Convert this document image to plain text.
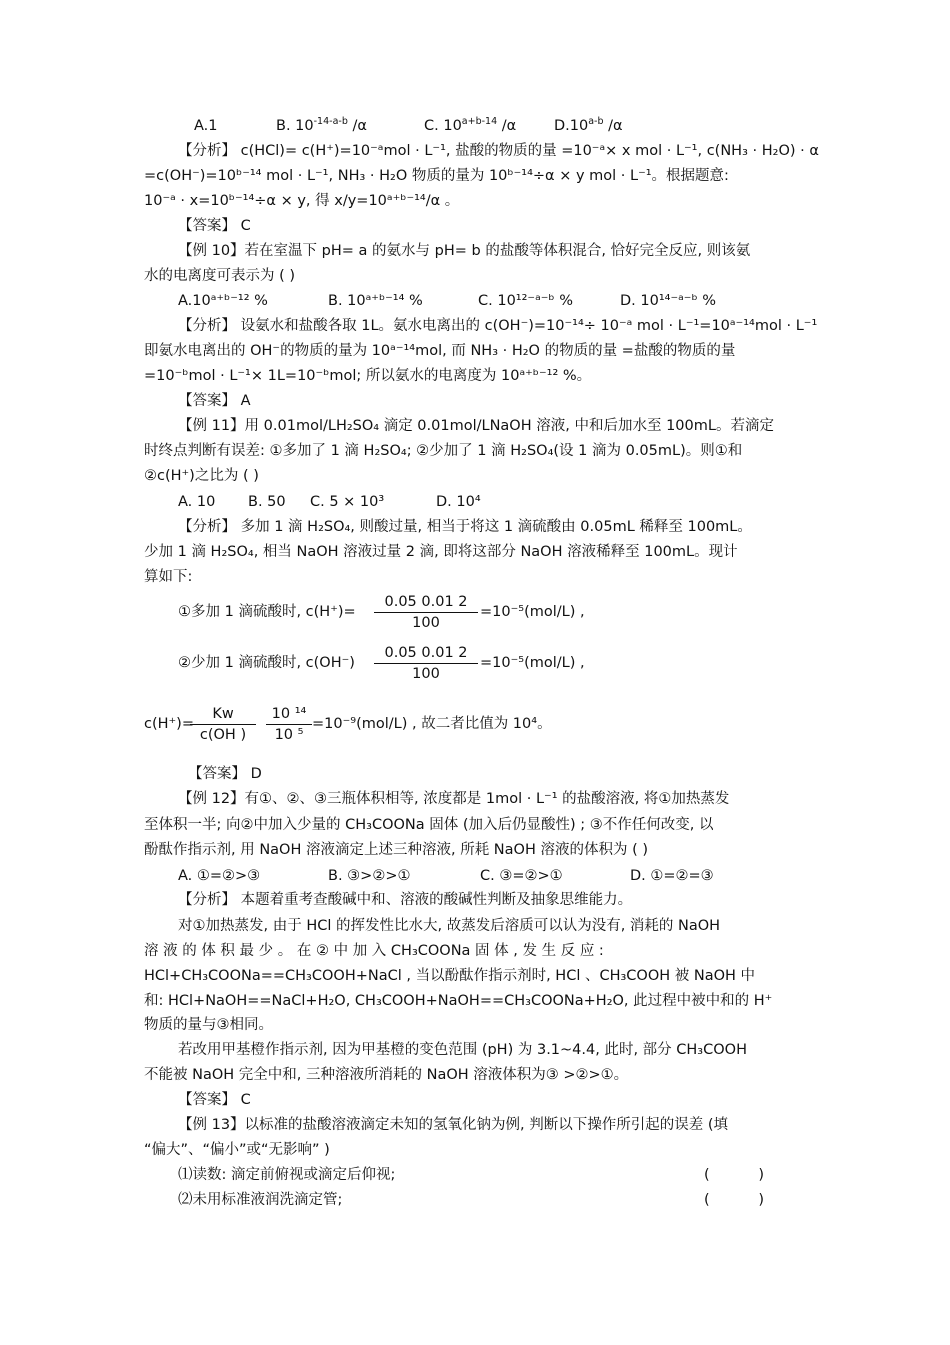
A.1	B. $10^{-14-a-b}$ /α	C. $10^{a+b-14}$ /α	D.10$^{a-b}$ /α
【分析】 c(HCl)= c(H⁺)=10⁻ᵃmol · L⁻¹, 盐酸的物质的量 =10⁻ᵃ× x mol · L⁻¹, c(NH₃ · H₂O) · α
=c(OH⁻)=10ᵇ⁻¹⁴ mol · L⁻¹, NH₃ · H₂O 物质的量为 10ᵇ⁻¹⁴÷α × y mol · L⁻¹。根据题意:
10⁻ᵃ · x=10ᵇ⁻¹⁴÷α × y, 得 x/y=10ᵃ⁺ᵇ⁻¹⁴/α 。
【答案】 C
【例 10】若在室温下 pH= a 的氨水与 pH= b 的盐酸等体积混合, 恰好完全反应, 则该氨
水的电离度可表示为 ( )
A.10ᵃ⁺ᵇ⁻¹² %	B. 10ᵃ⁺ᵇ⁻¹⁴ %	C. 10¹²⁻ᵃ⁻ᵇ %	D. 10¹⁴⁻ᵃ⁻ᵇ %
【分析】 设氨水和盐酸各取 1L。氨水电离出的 c(OH⁻)=10⁻¹⁴÷ 10⁻ᵃ mol · L⁻¹=10ᵃ⁻¹⁴mol · L⁻¹
即氨水电离出的 OH⁻的物质的量为 10ᵃ⁻¹⁴mol, 而 NH₃ · H₂O 的物质的量 =盐酸的物质的量
=10⁻ᵇmol · L⁻¹× 1L=10⁻ᵇmol; 所以氨水的电离度为 10ᵃ⁺ᵇ⁻¹² %。
【答案】 A
【例 11】用 0.01mol/LH₂SO₄ 滴定 0.01mol/LNaOH 溶液, 中和后加水至 100mL。若滴定
时终点判断有误差: ①多加了 1 滴 H₂SO₄; ②少加了 1 滴 H₂SO₄(设 1 滴为 0.05mL)。则①和
②c(H⁺)之比为 ( )
A. 10 B. 50 C. 5 × 10³	D. 10⁴
【分析】 多加 1 滴 H₂SO₄, 则酸过量, 相当于将这 1 滴硫酸由 0.05mL 稀释至 100mL。
少加 1 滴 H₂SO₄, 相当 NaOH 溶液过量 2 滴, 即将这部分 NaOH 溶液稀释至 100mL。现计
算如下:
①多加 1 滴硫酸时, $c(H^+)= \frac{0.05 0.01 2}{100} =10^{-5}(mol/L)$ ,
②少加 1 滴硫酸时, $c(OH^-) \frac{0.05 0.01 2}{100} =10^{-5}(mol/L)$ ,
c(H⁺)=
$\frac{Kw}{c(OH )} \frac{\text{10 ¹⁴}}{\text{10 ⁵}} =10^{-9}(mol/L)$ , 故二者比值为 10⁴。
【答案】 D
【例 12】有①、②、③三瓶体积相等, 浓度都是 1mol · L⁻¹ 的盐酸溶液, 将①加热蒸发
至体积一半; 向②中加入少量的 CH₃COONa 固体 (加入后仍显酸性) ; ③不作任何改变, 以
酚酞作指示剂, 用 NaOH 溶液滴定上述三种溶液, 所耗 NaOH 溶液的体积为 ( )
A. ①=②>③	B. ③>②>①	C. ③=②>①	D. ①=②=③
【分析】 本题着重考查酸碱中和、溶液的酸碱性判断及抽象思维能力。
对①加热蒸发, 由于 HCl 的挥发性比水大, 故蒸发后溶质可以认为没有, 消耗的 NaOH
溶 液 的 体 积 最 少 。 在 ② 中 加 入 CH₃COONa 固 体 , 发 生 反 应 :
HCl+CH₃COONa==CH₃COOH+NaCl , 当以酚酞作指示剂时, HCl 、CH₃COOH 被 NaOH 中
和: HCl+NaOH==NaCl+H₂O, CH₃COOH+NaOH==CH₃COONa+H₂O, 此过程中被中和的 H⁺
物质的量与③相同。
若改用甲基橙作指示剂, 因为甲基橙的变色范围 (pH) 为 3.1~4.4, 此时, 部分 CH₃COOH
不能被 NaOH 完全中和, 三种溶液所消耗的 NaOH 溶液体积为③ >②>①。
【答案】 C
【例 13】以标准的盐酸溶液滴定未知的氢氧化钠为例, 判断以下操作所引起的误差 (填
“偏大”、“偏小”或“无影响” )
⑴读数: 滴定前俯视或滴定后仰视;	(	)
⑵未用标准液润洗滴定管;	(	)
